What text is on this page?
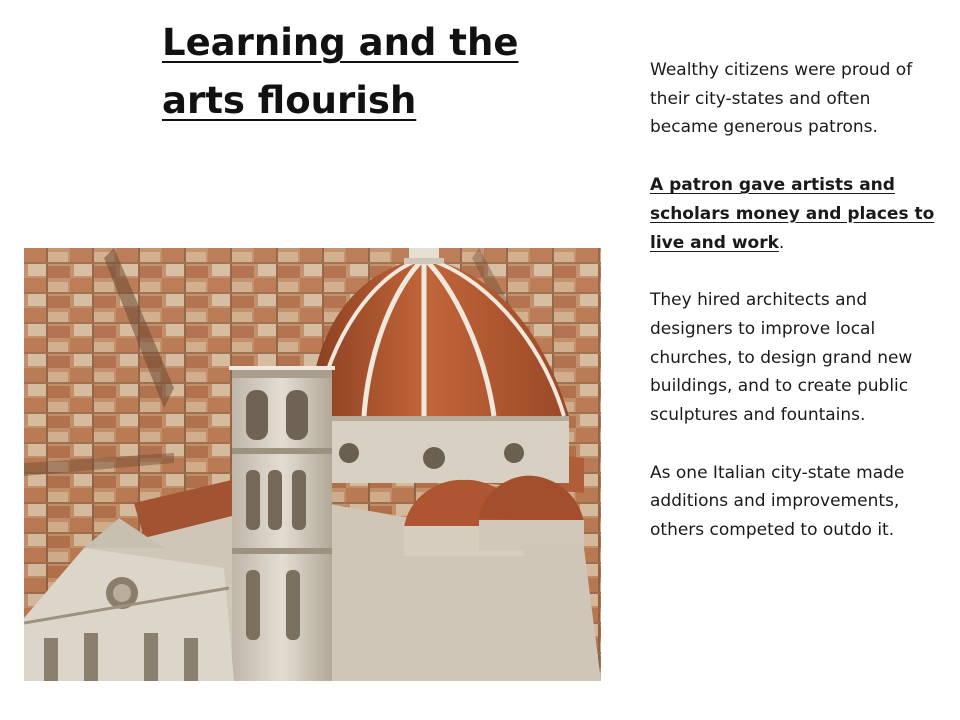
Learning and the
arts flourish

Wealthy citizens were proud of their city-states and often became generous patrons.

A patron gave artists and scholars money and places to live and work.

They hired architects and designers to improve local churches, to design grand new buildings, and to create public sculptures and fountains.

As one Italian city-state made additions and improvements, others competed to outdo it.
